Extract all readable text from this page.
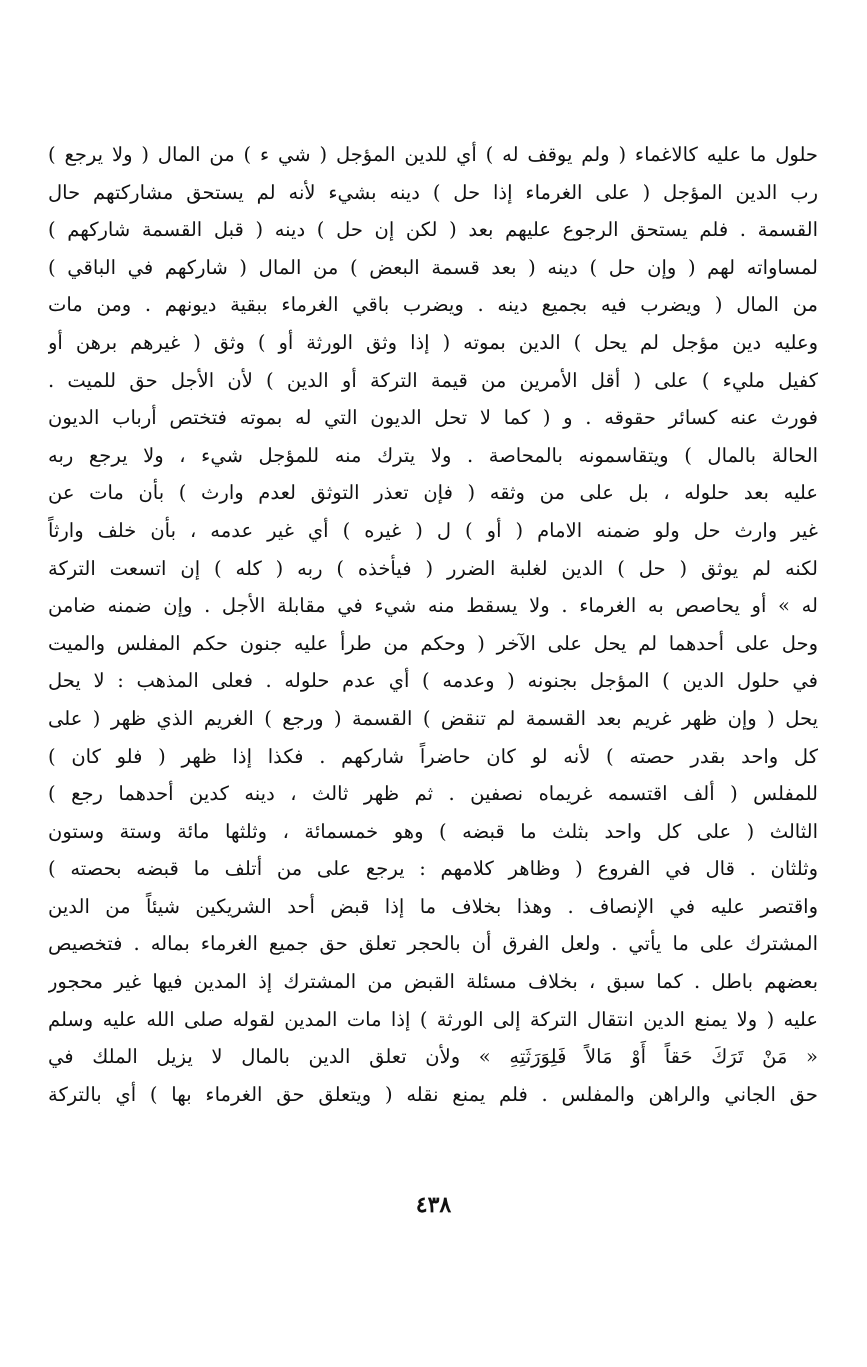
حلول ما عليه كالاغماء ( ولم يوقف له ) أي للدين المؤجل ( شي ء ) من المال ( ولا يرجع )
رب الدين المؤجل ( على الغرماء إذا حل ) دينه بشيء لأنه لم يستحق مشاركتهم حال
القسمة . فلم يستحق الرجوع عليهم بعد ( لكن إن حل ) دينه ( قبل القسمة شاركهم )
لمساواته لهم ( وإن حل ) دينه ( بعد قسمة البعض ) من المال ( شاركهم في الباقي )
من المال ( ويضرب فيه بجميع دينه . ويضرب باقي الغرماء ببقية ديونهم . ومن مات
وعليه دين مؤجل لم يحل ) الدين بموته ( إذا وثق الورثة أو ) وثق ( غيرهم برهن أو
كفيل مليء ) على ( أقل الأمرين من قيمة التركة أو الدين ) لأن الأجل حق للميت .
فورث عنه كسائر حقوقه . و ( كما لا تحل الديون التي له بموته فتختص أرباب الديون
الحالة بالمال ) ويتقاسمونه بالمحاصة . ولا يترك منه للمؤجل شيء ، ولا يرجع ربه
عليه بعد حلوله ، بل على من وثقه ( فإن تعذر التوثق لعدم وارث ) بأن مات عن
غير وارث حل ولو ضمنه الامام ( أو ) ل ( غيره ) أي غير عدمه ، بأن خلف وارثاً
لكنه لم يوثق ( حل ) الدين لغلبة الضرر ( فيأخذه ) ربه ( كله ) إن اتسعت التركة
له » أو يحاصص به الغرماء . ولا يسقط منه شيء في مقابلة الأجل . وإن ضمنه ضامن
وحل على أحدهما لم يحل على الآخر ( وحكم من طرأ عليه جنون حكم المفلس والميت
في حلول الدين ) المؤجل بجنونه ( وعدمه ) أي عدم حلوله . فعلى المذهب : لا يحل
يحل ( وإن ظهر غريم بعد القسمة لم تنقض ) القسمة ( ورجع ) الغريم الذي ظهر ( على
كل واحد بقدر حصته ) لأنه لو كان حاضراً شاركهم . فكذا إذا ظهر ( فلو كان )
للمفلس ( ألف اقتسمه غريماه نصفين . ثم ظهر ثالث ، دينه كدين أحدهما رجع )
الثالث ( على كل واحد بثلث ما قبضه ) وهو خمسمائة ، وثلثها مائة وستة وستون
وثلثان . قال في الفروع ( وظاهر كلامهم : يرجع على من أتلف ما قبضه بحصته )
واقتصر عليه في الإنصاف . وهذا بخلاف ما إذا قبض أحد الشريكين شيئاً من الدين
المشترك على ما يأتي . ولعل الفرق أن بالحجر تعلق حق جميع الغرماء بماله . فتخصيص
بعضهم باطل . كما سبق ، بخلاف مسئلة القبض من المشترك إذ المدين فيها غير محجور
عليه ( ولا يمنع الدين انتقال التركة إلى الورثة ) إذا مات المدين لقوله صلى الله عليه وسلم
« مَنْ تَرَكَ حَقاً أَوْ مَالاً فَلِوَرَثَتِهِ » ولأن تعلق الدين بالمال لا يزيل الملك في
حق الجاني والراهن والمفلس . فلم يمنع نقله ( ويتعلق حق الغرماء بها ) أي بالتركة
٤٣٨
